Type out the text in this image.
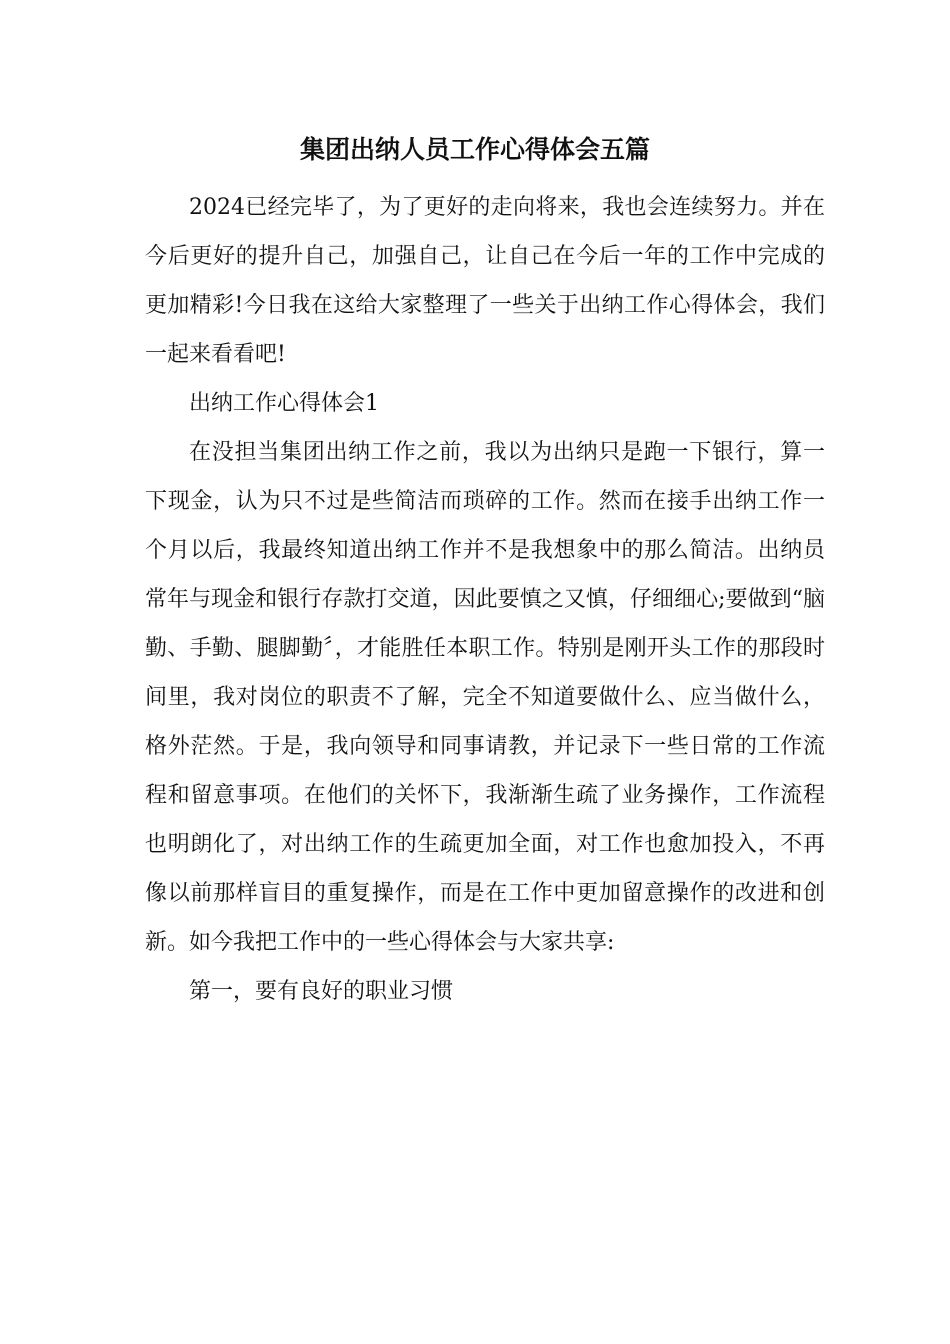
集团出纳人员工作心得体会五篇

2024已经完毕了，为了更好的走向将来，我也会连续努力。并在今后更好的提升自己，加强自己，让自己在今后一年的工作中完成的更加精彩!今日我在这给大家整理了一些关于出纳工作心得体会，我们一起来看看吧!

出纳工作心得体会1

在没担当集团出纳工作之前，我以为出纳只是跑一下银行，算一下现金，认为只不过是些简洁而琐碎的工作。然而在接手出纳工作一个月以后，我最终知道出纳工作并不是我想象中的那么简洁。出纳员常年与现金和银行存款打交道，因此要慎之又慎，仔细细心;要做到“脑勤、手勤、腿脚勤〞，才能胜任本职工作。特别是刚开头工作的那段时间里，我对岗位的职责不了解，完全不知道要做什么、应当做什么，格外茫然。于是，我向领导和同事请教，并记录下一些日常的工作流程和留意事项。在他们的关怀下，我渐渐生疏了业务操作，工作流程也明朗化了，对出纳工作的生疏更加全面，对工作也愈加投入，不再像以前那样盲目的重复操作，而是在工作中更加留意操作的改进和创新。如今我把工作中的一些心得体会与大家共享:

第一，要有良好的职业习惯
